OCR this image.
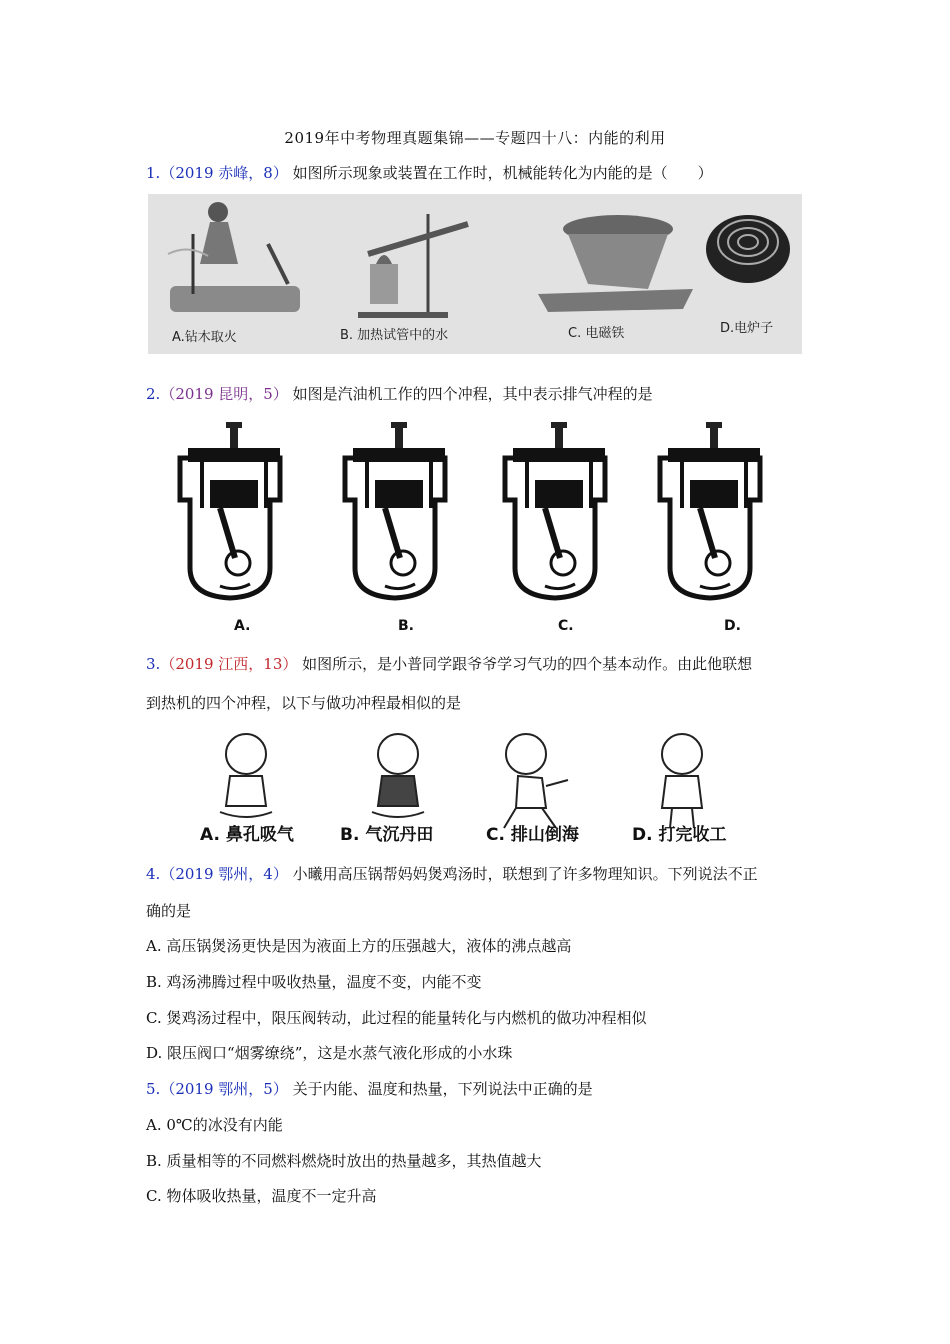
2019年中考物理真题集锦——专题四十八：内能的利用
1.（2019 赤峰，8） 如图所示现象或装置在工作时，机械能转化为内能的是（　　）
A.钻木取火	B. 加热试管中的水	C. 电磁铁	D.电炉子
2.（2019 昆明，5） 如图是汽油机工作的四个冲程，其中表示排气冲程的是
A.	B.	C.	D.
3.（2019 江西，13） 如图所示，是小普同学跟爷爷学习气功的四个基本动作。由此他联想
到热机的四个冲程，以下与做功冲程最相似的是
A. 鼻孔吸气	B. 气沉丹田	C. 排山倒海	D. 打完收工
4.（2019 鄂州，4） 小曦用高压锅帮妈妈煲鸡汤时，联想到了许多物理知识。下列说法不正
确的是
A. 高压锅煲汤更快是因为液面上方的压强越大，液体的沸点越高
B. 鸡汤沸腾过程中吸收热量，温度不变，内能不变
C. 煲鸡汤过程中，限压阀转动，此过程的能量转化与内燃机的做功冲程相似
D. 限压阀口“烟雾缭绕”，这是水蒸气液化形成的小水珠
5.（2019 鄂州，5） 关于内能、温度和热量，下列说法中正确的是
A. 0℃的冰没有内能
B. 质量相等的不同燃料燃烧时放出的热量越多，其热值越大
C. 物体吸收热量，温度不一定升高
